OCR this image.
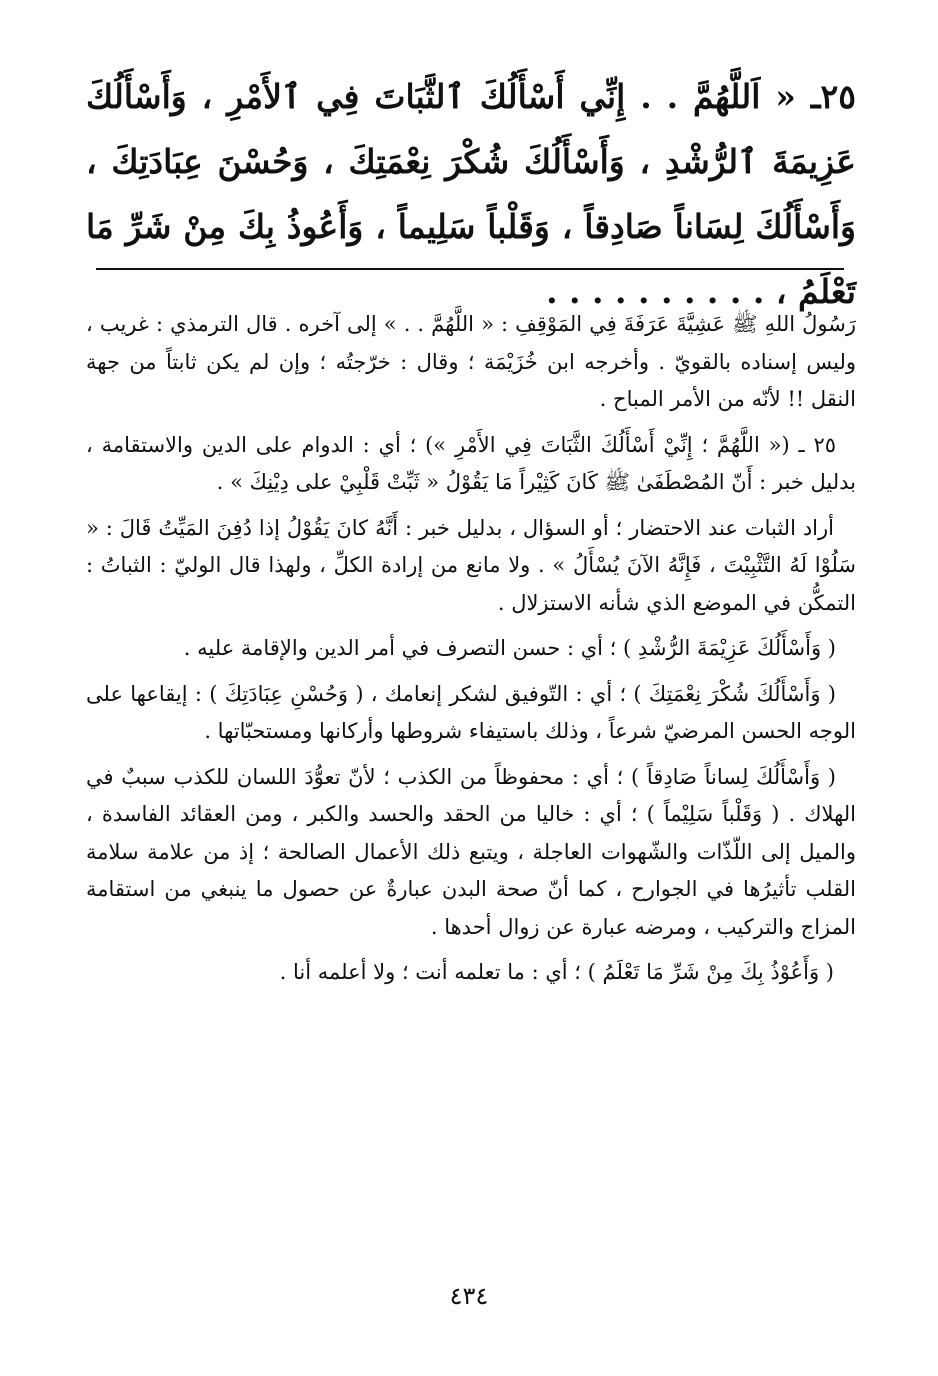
٢٥ـ « اَللَّهُمَّ . . إِنِّي أَسْأَلُكَ ٱلثَّبَاتَ فِي ٱلأَمْرِ ، وَأَسْأَلُكَ عَزِيمَةَ ٱلرُّشْدِ ، وَأَسْأَلُكَ شُكْرَ نِعْمَتِكَ ، وَحُسْنَ عِبَادَتِكَ ، وَأَسْأَلُكَ لِسَاناً صَادِقاً ، وَقَلْباً سَلِيماً ، وَأَعُوذُ بِكَ مِنْ شَرِّ مَا تَعْلَمُ ، . . . . . . . . . .

رَسُولُ اللهِ ﷺ عَشِيَّةَ عَرَفَةَ فِي المَوْقِفِ : « اللَّهُمَّ . . » إلى آخره . قال الترمذي : غريب ، وليس إسناده بالقويّ . وأخرجه ابن خُزَيْمَة ؛ وقال : خرّجتُه ؛ وإن لم يكن ثابتاً من جهة النقل !! لأنّه من الأمر المباح .

٢٥ ـ (« اللَّهُمَّ ؛ إِنِّيْ أَسْأَلُكَ الثَّبَاتَ فِي الأَمْرِ ») ؛ أي : الدوام على الدين والاستقامة ، بدليل خبر : أَنّ المُصْطَفَىٰ ﷺ كَانَ كَثِيْراً مَا يَقُوْلُ « ثَبِّتْ قَلْبِيْ على دِيْنِكَ » .

أراد الثبات عند الاحتضار ؛ أو السؤال ، بدليل خبر : أَنَّهُ كانَ يَقُوْلُ إذا دُفِنَ المَيِّتُ قَالَ : « سَلُوْا لَهُ التَّثْبِيْتَ ، فَإِنَّهُ الآنَ يُسْأَلُ » . ولا مانع من إرادة الكلِّ ، ولهذا قال الوليّ : الثباتُ : التمكُّن في الموضع الذي شأنه الاستزلال .

( وَأَسْأَلُكَ عَزِيْمَةَ الرُّشْدِ ) ؛ أي : حسن التصرف في أمر الدين والإقامة عليه .

( وَأَسْأَلُكَ شُكْرَ نِعْمَتِكَ ) ؛ أي : التّوفيق لشكر إنعامك ، ( وَحُسْنِ عِبَادَتِكَ ) : إيقاعها على الوجه الحسن المرضيّ شرعاً ، وذلك باستيفاء شروطها وأركانها ومستحبّاتها .

( وَأَسْأَلُكَ لِساناً صَادِقاً ) ؛ أي : محفوظاً من الكذب ؛ لأنّ تعوُّدَ اللسان للكذب سببٌ في الهلاك . ( وَقَلْباً سَلِيْماً ) ؛ أي : خاليا من الحقد والحسد والكبر ، ومن العقائد الفاسدة ، والميل إلى اللّذّات والشّهوات العاجلة ، ويتبع ذلك الأعمال الصالحة ؛ إذ من علامة سلامة القلب تأثيرُها في الجوارح ، كما أنّ صحة البدن عبارةٌ عن حصول ما ينبغي من استقامة المزاج والتركيب ، ومرضه عبارة عن زوال أحدها .

( وَأَعُوْذُ بِكَ مِنْ شَرِّ مَا تَعْلَمُ ) ؛ أي : ما تعلمه أنت ؛ ولا أعلمه أنا .

٤٣٤
